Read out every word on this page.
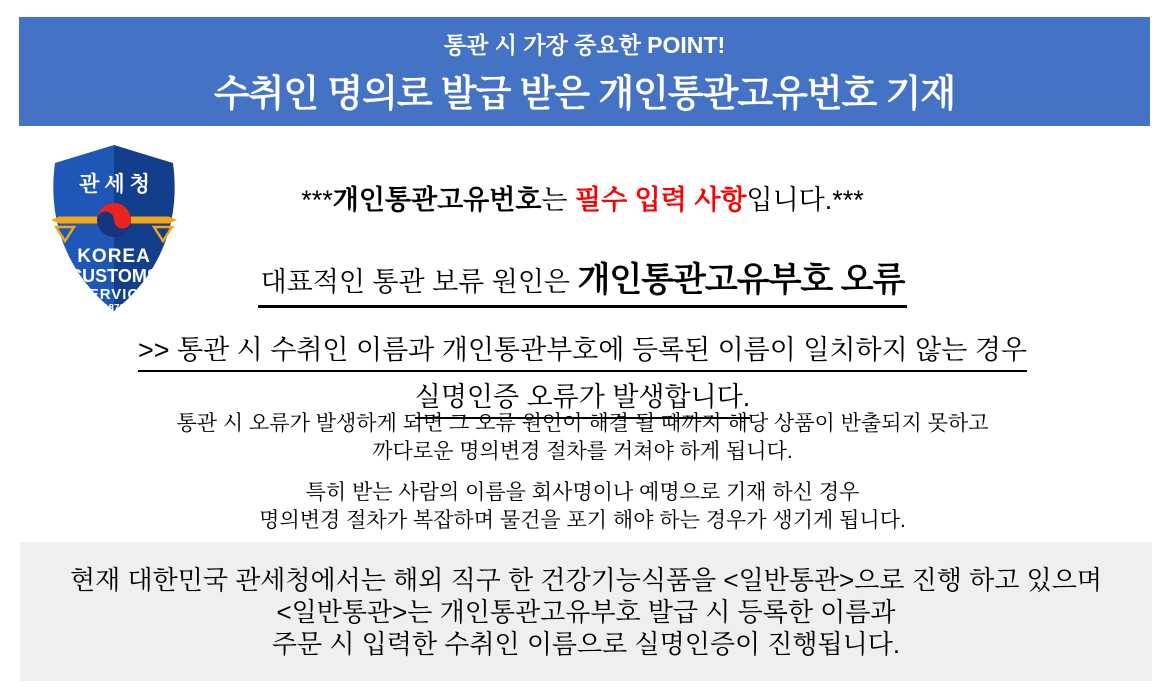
통관 시 가장 중요한 POINT!
수취인 명의로 발급 받은 개인통관고유번호 기재
관세청
KOREA
CUSTOMS
SERVICE
1878
***개인통관고유번호는 필수 입력 사항입니다.***
대표적인 통관 보류 원인은 개인통관고유부호 오류
>> 통관 시 수취인 이름과 개인통관부호에 등록된 이름이 일치하지 않는 경우
실명인증 오류가 발생합니다.
통관 시 오류가 발생하게 되면 그 오류 원인이 해결 될 때까지 해당 상품이 반출되지 못하고
까다로운 명의변경 절차를 거쳐야 하게 됩니다.
특히 받는 사람의 이름을 회사명이나 예명으로 기재 하신 경우
명의변경 절차가 복잡하며 물건을 포기 해야 하는 경우가 생기게 됩니다.
현재 대한민국 관세청에서는 해외 직구 한 건강기능식품을 <일반통관>으로 진행 하고 있으며
<일반통관>는 개인통관고유부호 발급 시 등록한 이름과
주문 시 입력한 수취인 이름으로 실명인증이 진행됩니다.
